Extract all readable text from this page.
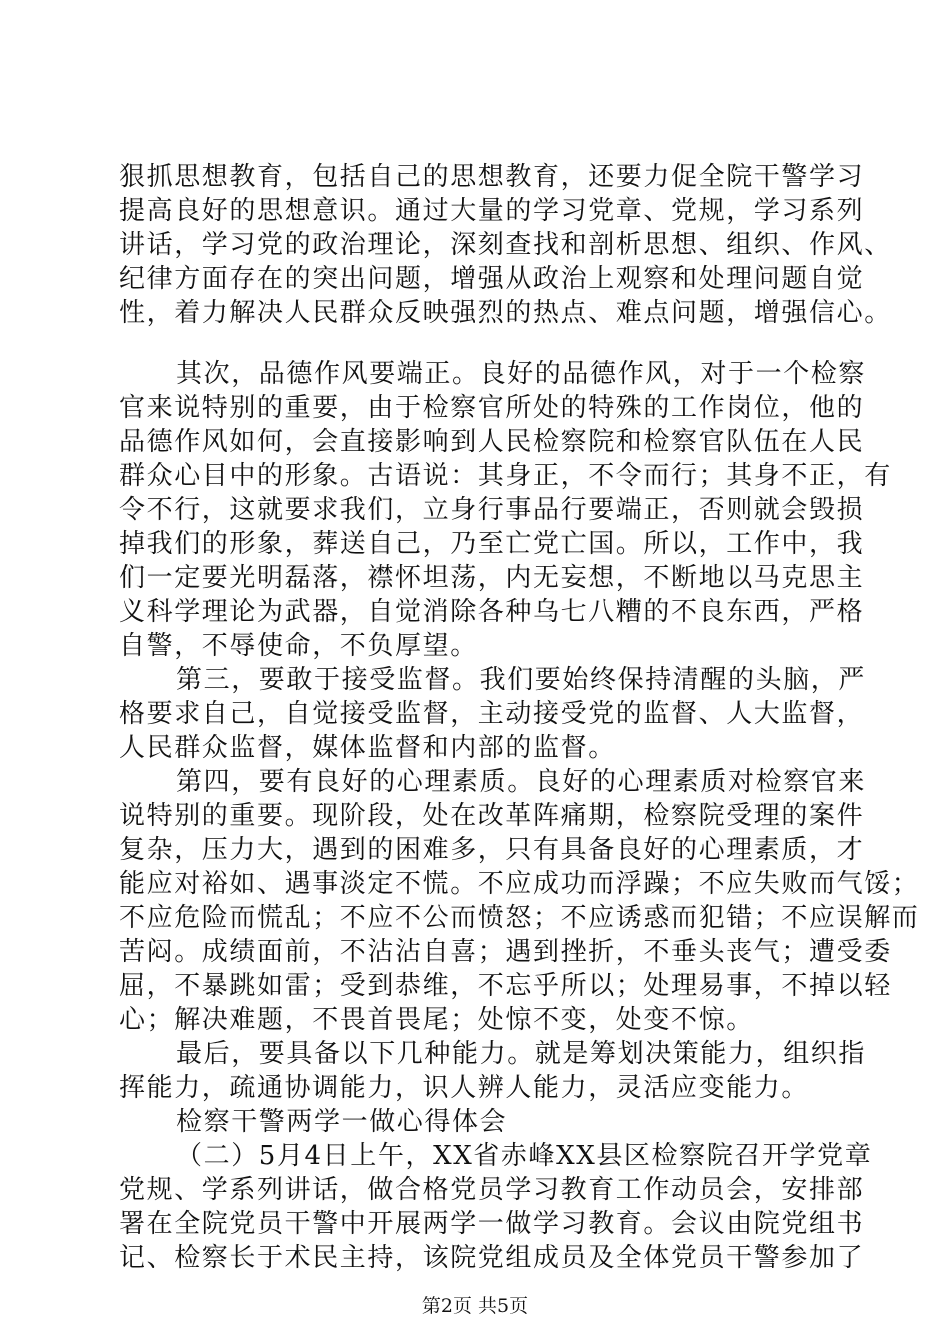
狠抓思想教育，包括自己的思想教育，还要力促全院干警学习
提高良好的思想意识。通过大量的学习党章、党规，学习系列
讲话，学习党的政治理论，深刻查找和剖析思想、组织、作风、
纪律方面存在的突出问题，增强从政治上观察和处理问题自觉
性，着力解决人民群众反映强烈的热点、难点问题，增强信心。
其次，品德作风要端正。良好的品德作风，对于一个检察
官来说特别的重要，由于检察官所处的特殊的工作岗位，他的
品德作风如何，会直接影响到人民检察院和检察官队伍在人民
群众心目中的形象。古语说：其身正，不令而行；其身不正，有
令不行，这就要求我们，立身行事品行要端正，否则就会毁损
掉我们的形象，葬送自己，乃至亡党亡国。所以，工作中，我
们一定要光明磊落，襟怀坦荡，内无妄想，不断地以马克思主
义科学理论为武器，自觉消除各种乌七八糟的不良东西，严格
自警，不辱使命，不负厚望。
第三，要敢于接受监督。我们要始终保持清醒的头脑，严
格要求自己，自觉接受监督，主动接受党的监督、人大监督，
人民群众监督，媒体监督和内部的监督。
第四，要有良好的心理素质。良好的心理素质对检察官来
说特别的重要。现阶段，处在改革阵痛期，检察院受理的案件
复杂，压力大，遇到的困难多，只有具备良好的心理素质，才
能应对裕如、遇事淡定不慌。不应成功而浮躁；不应失败而气馁；
不应危险而慌乱；不应不公而愤怒；不应诱惑而犯错；不应误解而
苦闷。成绩面前，不沾沾自喜；遇到挫折，不垂头丧气；遭受委
屈，不暴跳如雷；受到恭维，不忘乎所以；处理易事，不掉以轻
心；解决难题，不畏首畏尾；处惊不变，处变不惊。
最后，要具备以下几种能力。就是筹划决策能力，组织指
挥能力，疏通协调能力，识人辨人能力，灵活应变能力。
检察干警两学一做心得体会
（二）5月4日上午，XX省赤峰XX县区检察院召开学党章
党规、学系列讲话，做合格党员学习教育工作动员会，安排部
署在全院党员干警中开展两学一做学习教育。会议由院党组书
记、检察长于术民主持，该院党组成员及全体党员干警参加了
第2页 共5页
